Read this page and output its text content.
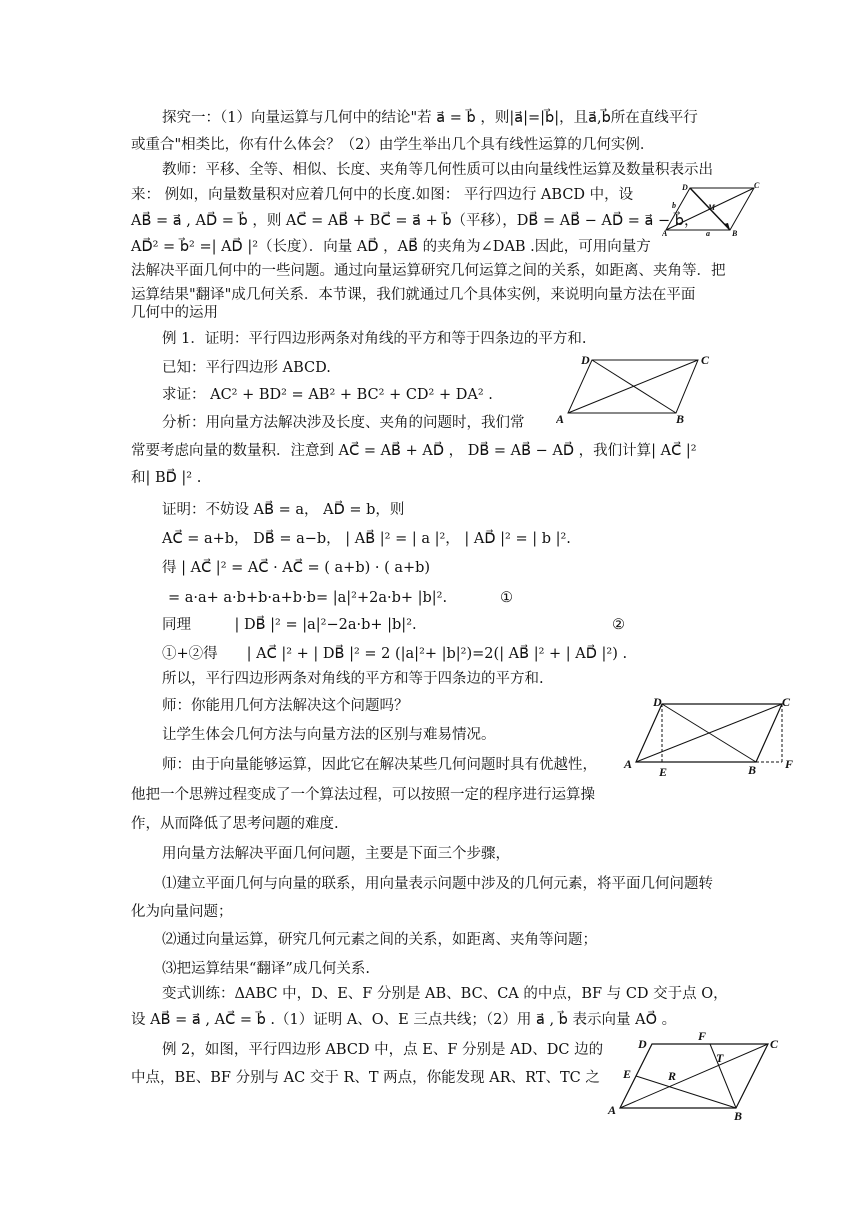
探究一：（1）向量运算与几何中的结论"若 a⃗ = b⃗ ，则|a⃗|=|b⃗|，且a⃗,b⃗所在直线平行
或重合"相类比，你有什么体会？（2）由学生举出几个具有线性运算的几何实例．
教师：平移、全等、相似、长度、夹角等几何性质可以由向量线性运算及数量积表示出
来： 例如，向量数量积对应着几何中的长度.如图： 平行四边行 ABCD 中，设
AB⃗ = a⃗ , AD⃗ = b⃗ ，则 AC⃗ = AB⃗ + BC⃗ = a⃗ + b⃗（平移），DB⃗ = AB⃗ − AD⃗ = a⃗ − b⃗，
AD⃗² = b⃗² =| AD⃗ |²（长度）．向量 AD⃗ ，AB⃗ 的夹角为∠DAB .因此，可用向量方
法解决平面几何中的一些问题。通过向量运算研究几何运算之间的关系，如距离、夹角等．把
运算结果"翻译"成几何关系．本节课，我们就通过几个具体实例，来说明向量方法在平面
几何中的运用
例 1．证明：平行四边形两条对角线的平方和等于四条边的平方和.
已知：平行四边形 ABCD.
求证： AC² + BD² = AB² + BC² + CD² + DA² .
分析：用向量方法解决涉及长度、夹角的问题时，我们常
常要考虑向量的数量积．注意到 AC⃗ = AB⃗ + AD⃗ ， DB⃗ = AB⃗ − AD⃗ ，我们计算| AC⃗ |²
和| BD⃗ |² .
证明：不妨设 AB⃗ = a， AD⃗ = b，则
AC⃗ = a+b， DB⃗ = a−b， | AB⃗ |² = | a |²， | AD⃗ |² = | b |².
得 | AC⃗ |² = AC⃗ · AC⃗ = ( a+b) · ( a+b)
= a·a+ a·b+b·a+b·b= |a|²+2a·b+ |b|².	①
同理　　　| DB⃗ |² = |a|²−2a·b+ |b|².	②
①+②得　　| AC⃗ |² + | DB⃗ |² = 2 (|a|²+ |b|²)=2(| AB⃗ |² + | AD⃗ |²) .
所以，平行四边形两条对角线的平方和等于四条边的平方和.
师：你能用几何方法解决这个问题吗？
让学生体会几何方法与向量方法的区别与难易情况。
师：由于向量能够运算，因此它在解决某些几何问题时具有优越性，
他把一个思辨过程变成了一个算法过程，可以按照一定的程序进行运算操
作，从而降低了思考问题的难度.
用向量方法解决平面几何问题，主要是下面三个步骤，
⑴建立平面几何与向量的联系，用向量表示问题中涉及的几何元素，将平面几何问题转
化为向量问题；
⑵通过向量运算，研究几何元素之间的关系，如距离、夹角等问题；
⑶把运算结果“翻译”成几何关系.
变式训练：ΔABC 中，D、E、F 分别是 AB、BC、CA 的中点，BF 与 CD 交于点 O，
设 AB⃗ = a⃗ , AC⃗ = b⃗ .（1）证明 A、O、E 三点共线；（2）用 a⃗ , b⃗ 表示向量 AO⃗ 。
例 2，如图，平行四边形 ABCD 中，点 E、F 分别是 AD、DC 边的
中点，BE、BF 分别与 AC 交于 R、T 两点，你能发现 AR、RT、TC 之
D	C
b	M
A	a	B
D	C
A	B
D	C
A
E	B F
D
F
C
T
E	R
A	B
